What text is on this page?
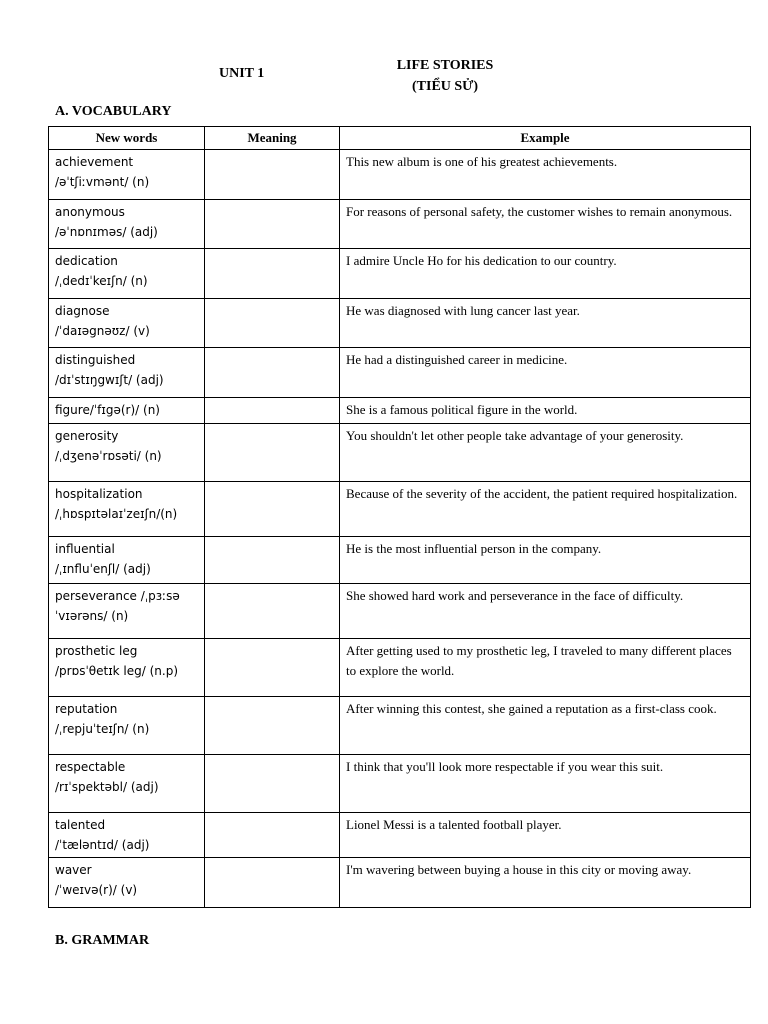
UNIT 1
LIFE STORIES
(TIỂU SỬ)
A. VOCABULARY
New words	Meaning	Example

achievement
/əˈtʃiːvmənt/ (n)		This new album is one of his greatest achievements.

anonymous
/əˈnɒnɪməs/ (adj)		For reasons of personal safety, the customer wishes to remain anonymous.

dedication
/ˌdedɪˈkeɪʃn/ (n)		I admire Uncle Ho for his dedication to our country.

diagnose
/ˈdaɪəgnəʊz/ (v)		He was diagnosed with lung cancer last year.

distinguished
/dɪˈstɪŋgwɪʃt/ (adj)		He had a distinguished career in medicine.

figure/ˈfɪgə(r)/ (n)		She is a famous political figure in the world.

generosity
/ˌdʒenəˈrɒsəti/ (n)		You shouldn't let other people take advantage of your generosity.

hospitalization
/ˌhɒspɪtəlaɪˈzeɪʃn/(n)		Because of the severity of the accident, the patient required hospitalization.

influential
/ˌɪnfluˈenʃl/ (adj)		He is the most influential person in the company.

perseverance /ˌpɜːsə
ˈvɪərəns/ (n)		She showed hard work and perseverance in the face of difficulty.

prosthetic leg
/prɒsˈθetɪk leg/ (n.p)		After getting used to my prosthetic leg, I traveled to many different places to explore the world.

reputation
/ˌrepjuˈteɪʃn/ (n)		After winning this contest, she gained a reputation as a first-class cook.

respectable
/rɪˈspektəbl/ (adj)		I think that you'll look more respectable if you wear this suit.

talented
/ˈtæləntɪd/ (adj)		Lionel Messi is a talented football player.

waver
/ˈweɪvə(r)/ (v)		I'm wavering between buying a house in this city or moving away.
B. GRAMMAR
